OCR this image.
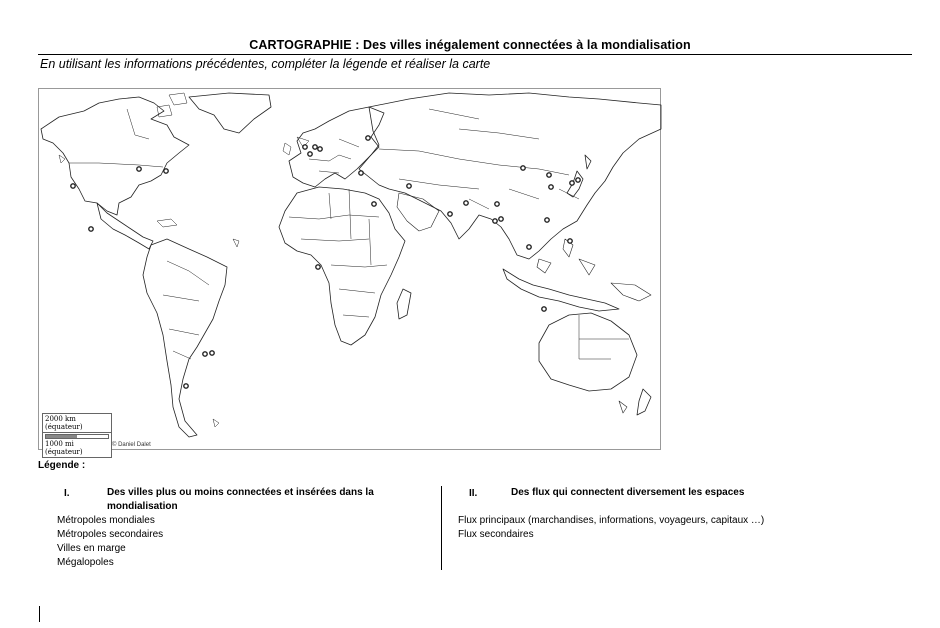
CARTOGRAPHIE : Des villes inégalement connectées à la mondialisation
En utilisant les informations précédentes, compléter la légende et réaliser la carte
2000 km (équateur)
1000 mi (équateur)
© Daniel Dalet
Légende :
I.	Des villes plus ou moins connectées et insérées dans la
mondialisation
Métropoles mondiales
Métropoles secondaires
Villes en marge
Mégalopoles
II.	Des flux qui connectent diversement les espaces
Flux principaux (marchandises, informations, voyageurs, capitaux …)
Flux secondaires
